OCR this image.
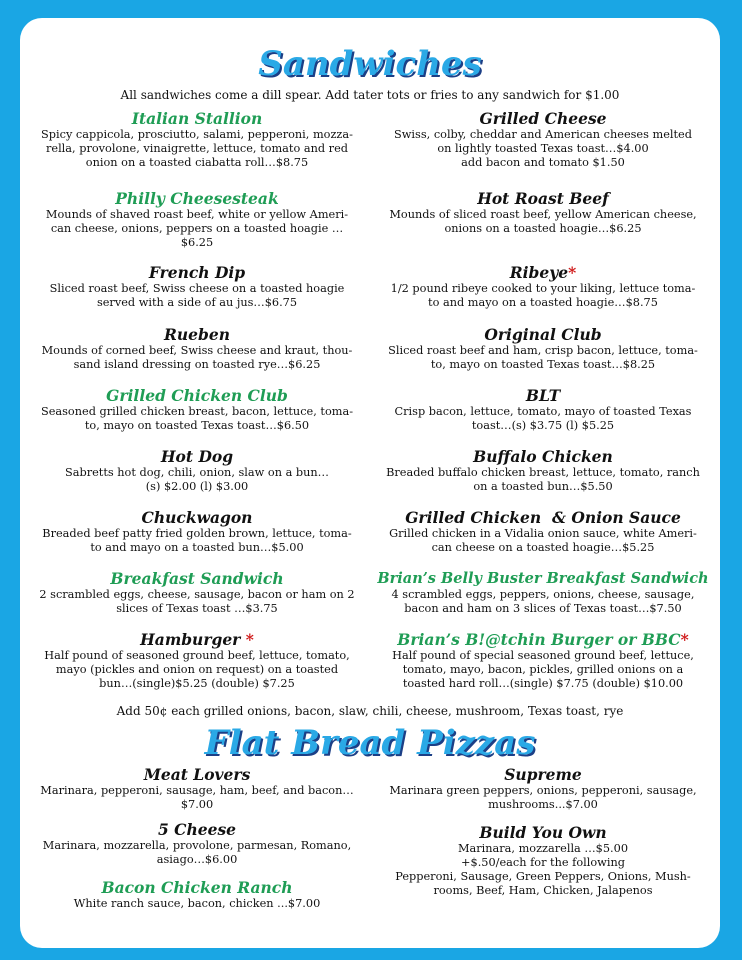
Sandwiches
All sandwiches come a dill spear. Add tater tots or fries to any sandwich for $1.00
Italian Stallion
Spicy cappicola, prosciutto, salami, pepperoni, mozza-
rella, provolone, vinaigrette, lettuce, tomato and red
onion on a toasted ciabatta roll…$8.75
Philly Cheesesteak
Mounds of shaved roast beef, white or yellow Ameri-
can cheese, onions, peppers on a toasted hoagie …
$6.25
French Dip
Sliced roast beef, Swiss cheese on a toasted hoagie
served with a side of au jus…$6.75
Rueben
Mounds of corned beef, Swiss cheese and kraut, thou-
sand island dressing on toasted rye…$6.25
Grilled Chicken Club
Seasoned grilled chicken breast, bacon, lettuce, toma-
to, mayo on toasted Texas toast…$6.50
Hot Dog
Sabretts hot dog, chili, onion, slaw on a bun…
(s) $2.00 (l) $3.00
Chuckwagon
Breaded beef patty fried golden brown, lettuce, toma-
to and mayo on a toasted bun…$5.00
Breakfast Sandwich
2 scrambled eggs, cheese, sausage, bacon or ham on 2
slices of Texas toast …$3.75
Hamburger *
Half pound of seasoned ground beef, lettuce, tomato,
mayo (pickles and onion on request) on a toasted
bun…(single)$5.25 (double) $7.25
Grilled Cheese
Swiss, colby, cheddar and American cheeses melted
on lightly toasted Texas toast…$4.00
add bacon and tomato $1.50
Hot Roast Beef
Mounds of sliced roast beef, yellow American cheese,
onions on a toasted hoagie…$6.25
Ribeye*
1/2 pound ribeye cooked to your liking, lettuce toma-
to and mayo on a toasted hoagie…$8.75
Original Club
Sliced roast beef and ham, crisp bacon, lettuce, toma-
to, mayo on toasted Texas toast…$8.25
BLT
Crisp bacon, lettuce, tomato, mayo of toasted Texas
toast…(s) $3.75 (l) $5.25
Buffalo Chicken
Breaded buffalo chicken breast, lettuce, tomato, ranch
on a toasted bun…$5.50
Grilled Chicken  & Onion Sauce
Grilled chicken in a Vidalia onion sauce, white Ameri-
can cheese on a toasted hoagie…$5.25
Brian’s Belly Buster Breakfast Sandwich
4 scrambled eggs, peppers, onions, cheese, sausage,
bacon and ham on 3 slices of Texas toast…$7.50
Brian’s B!@tchin Burger or BBC*
Half pound of special seasoned ground beef, lettuce,
tomato, mayo, bacon, pickles, grilled onions on a
toasted hard roll…(single) $7.75 (double) $10.00
Add 50¢ each grilled onions, bacon, slaw, chili, cheese, mushroom, Texas toast, rye
Flat Bread Pizzas
Meat Lovers
Marinara, pepperoni, sausage, ham, beef, and bacon…
$7.00
5 Cheese
Marinara, mozzarella, provolone, parmesan, Romano,
asiago…$6.00
Bacon Chicken Ranch
White ranch sauce, bacon, chicken ...$7.00
Supreme
Marinara green peppers, onions, pepperoni, sausage,
mushrooms...$7.00
Build You Own
Marinara, mozzarella …$5.00
+$.50/each for the following
Pepperoni, Sausage, Green Peppers, Onions, Mush-
rooms, Beef, Ham, Chicken, Jalapenos
